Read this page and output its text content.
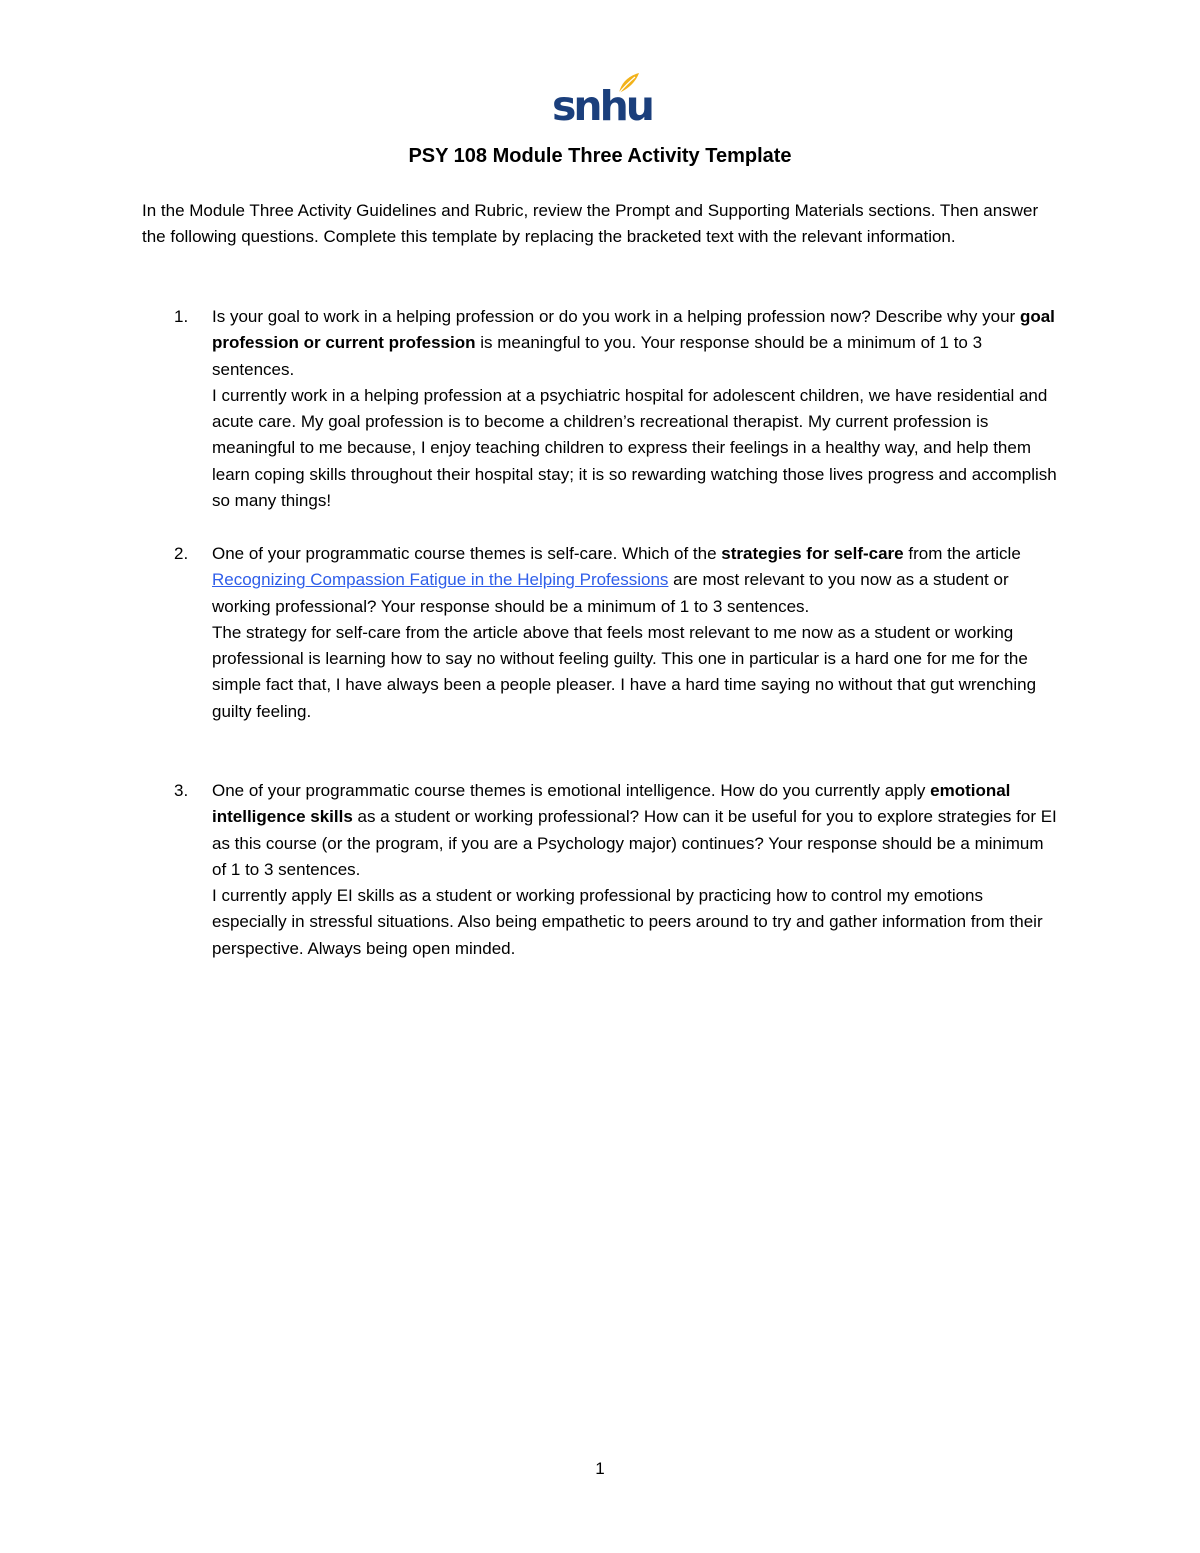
snhu
PSY 108 Module Three Activity Template
In the Module Three Activity Guidelines and Rubric, review the Prompt and Supporting Materials sections. Then answer the following questions. Complete this template by replacing the bracketed text with the relevant information.
1. Is your goal to work in a helping profession or do you work in a helping profession now? Describe why your goal profession or current profession is meaningful to you. Your response should be a minimum of 1 to 3 sentences.
I currently work in a helping profession at a psychiatric hospital for adolescent children, we have residential and acute care. My goal profession is to become a children’s recreational therapist. My current profession is meaningful to me because, I enjoy teaching children to express their feelings in a healthy way, and help them learn coping skills throughout their hospital stay; it is so rewarding watching those lives progress and accomplish so many things!
2. One of your programmatic course themes is self-care. Which of the strategies for self-care from the article Recognizing Compassion Fatigue in the Helping Professions are most relevant to you now as a student or working professional? Your response should be a minimum of 1 to 3 sentences.
The strategy for self-care from the article above that feels most relevant to me now as a student or working professional is learning how to say no without feeling guilty. This one in particular is a hard one for me for the simple fact that, I have always been a people pleaser. I have a hard time saying no without that gut wrenching guilty feeling.
3. One of your programmatic course themes is emotional intelligence. How do you currently apply emotional intelligence skills as a student or working professional? How can it be useful for you to explore strategies for EI as this course (or the program, if you are a Psychology major) continues? Your response should be a minimum of 1 to 3 sentences.
I currently apply EI skills as a student or working professional by practicing how to control my emotions especially in stressful situations. Also being empathetic to peers around to try and gather information from their perspective. Always being open minded.
1
